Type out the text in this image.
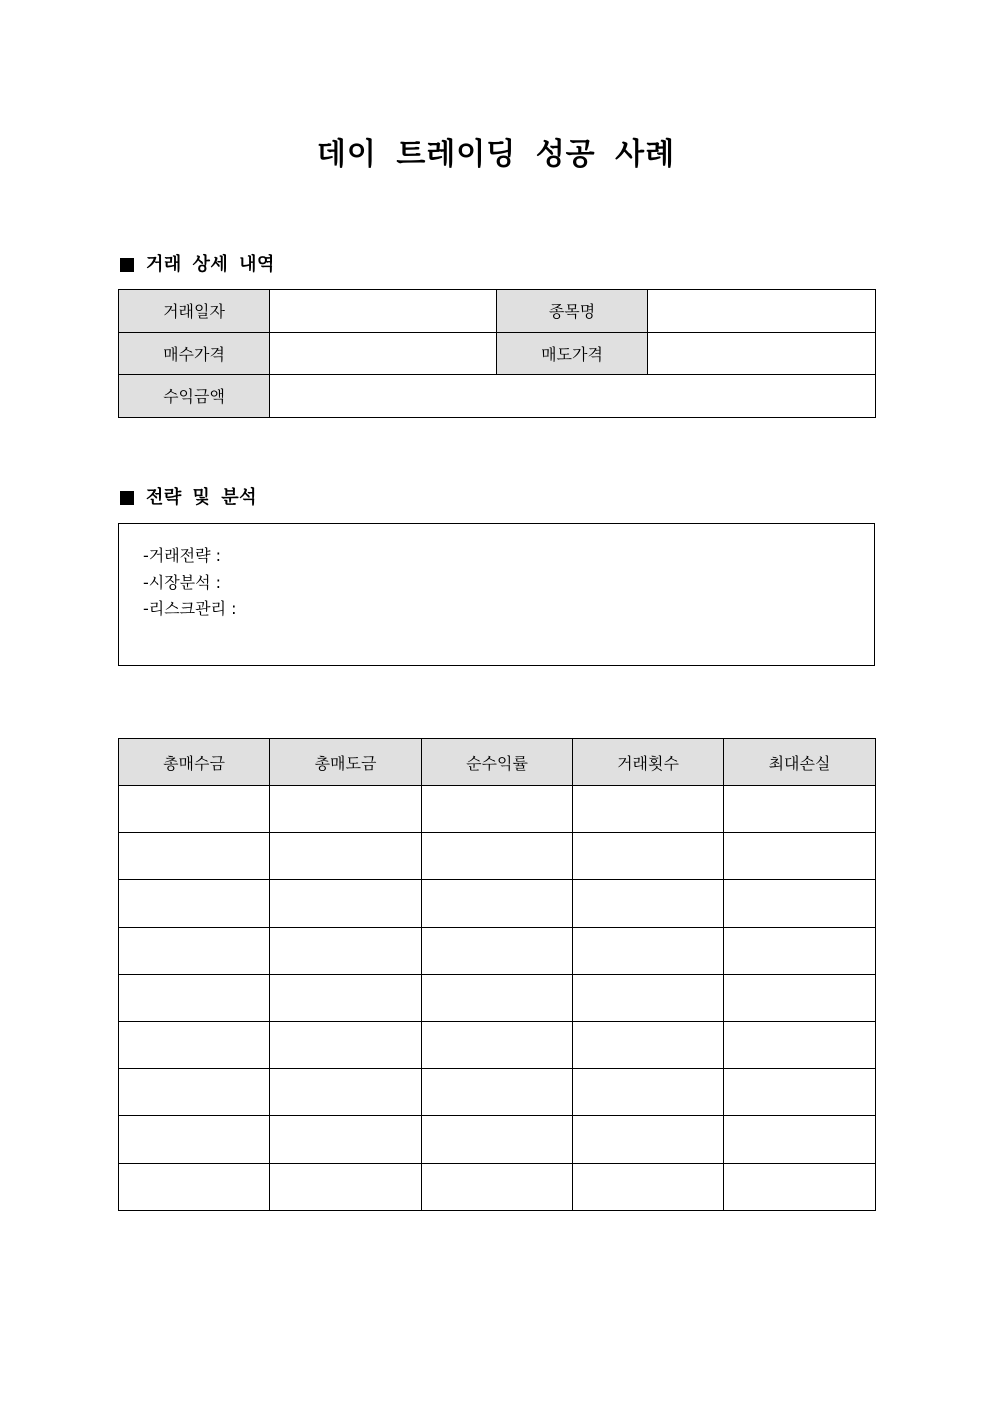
데이 트레이딩 성공 사례
거래 상세 내역
거래일자		종목명	
매수가격		매도가격	
수익금액			
전략 및 분석
-거래전략 :
-시장분석 :
-리스크관리 :
총매수금	총매도금	순수익률	거래횟수	최대손실
